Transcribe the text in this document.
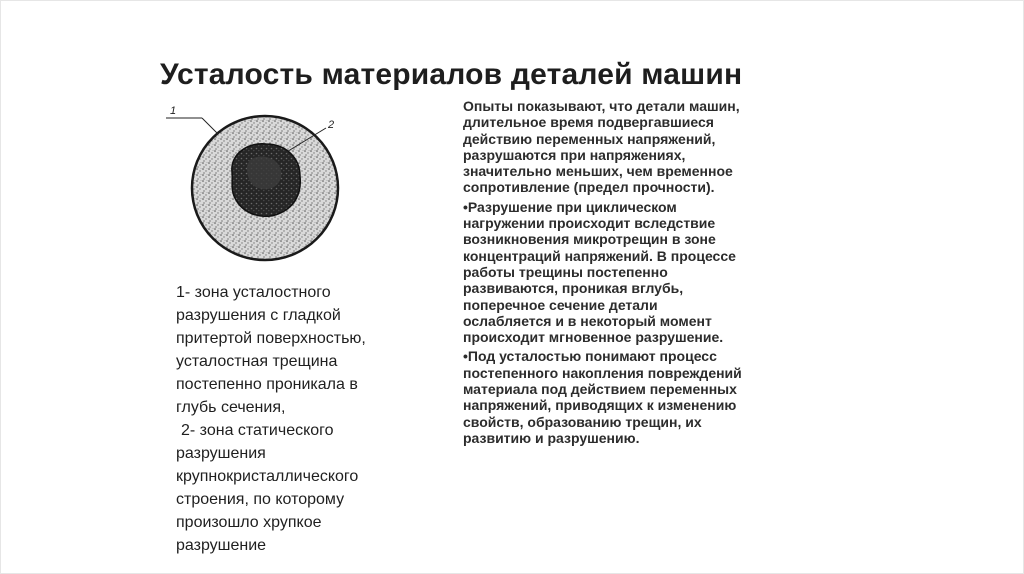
Усталость материалов деталей машин
1
2

1- зона усталостного

разрушения с гладкой

притертой поверхностью,

усталостная трещина

постепенно проникала в

глубь сечения,

2- зона статического

разрушения

крупнокристаллического

строения, по которому

произошло хрупкое

разрушение

Опыты показывают, что детали машин,

длительное время подвергавшиеся

действию переменных напряжений,

разрушаются при напряжениях,

значительно меньших, чем временное

сопротивление (предел прочности).

• Разрушение при циклическом

нагружении происходит вследствие

возникновения микротрещин в зоне

концентраций напряжений. В процессе

работы трещины постепенно

развиваются, проникая вглубь,

поперечное сечение детали

ослабляется и в некоторый момент

происходит мгновенное разрушение.

• Под усталостью понимают процесс

постепенного накопления повреждений

материала под действием переменных

напряжений, приводящих к изменению

свойств, образованию трещин, их

развитию и разрушению.
